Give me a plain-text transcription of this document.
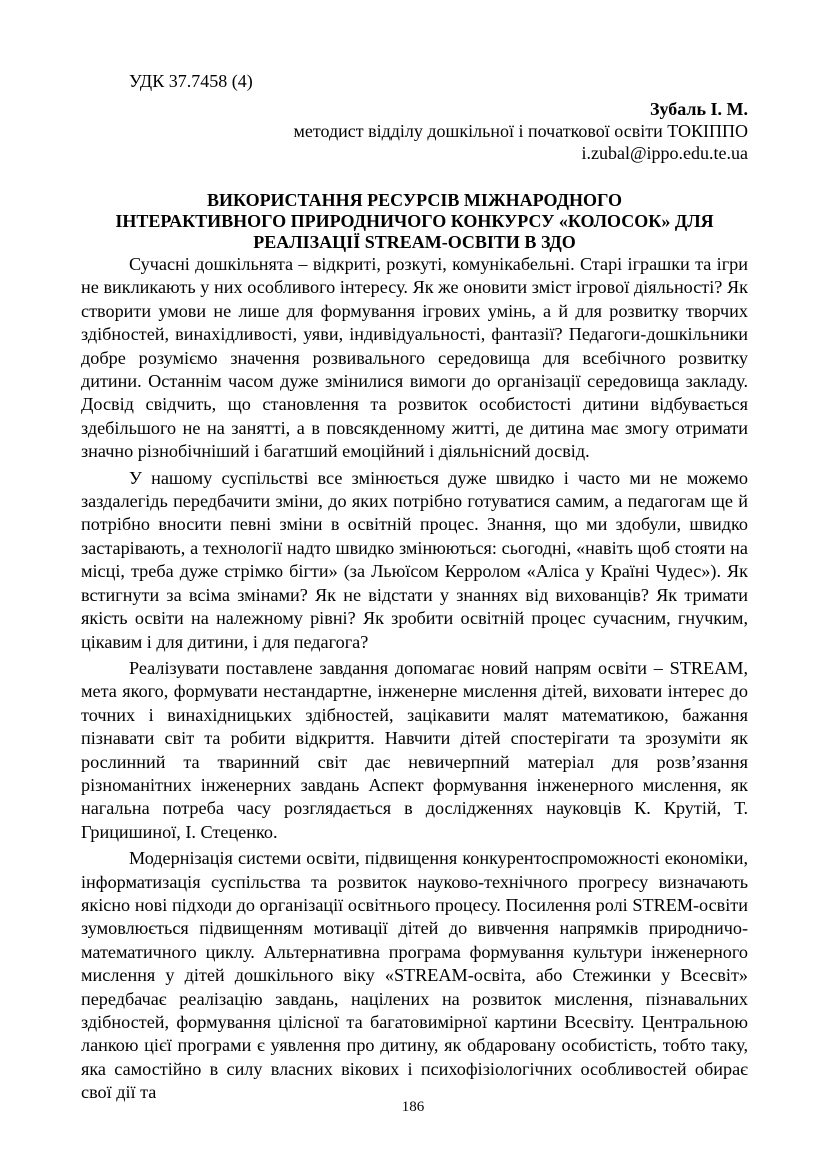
УДК 37.7458 (4)
Зубаль І. М.
методист відділу дошкільної і початкової освіти ТОКІППО
i.zubal@ippo.edu.te.ua
ВИКОРИСТАННЯ РЕСУРСІВ МІЖНАРОДНОГО
ІНТЕРАКТИВНОГО ПРИРОДНИЧОГО КОНКУРСУ «КОЛОСОК» ДЛЯ
РЕАЛІЗАЦІЇ STREAM-ОСВІТИ В ЗДО

Сучасні дошкільнята – відкриті, розкуті, комунікабельні. Старі іграшки та ігри не викликають у них особливого інтересу. Як же оновити зміст ігрової діяльності? Як створити умови не лише для формування ігрових умінь, а й для розвитку творчих здібностей, винахідливості, уяви, індивідуальності, фантазії? Педагоги-дошкільники добре розуміємо значення розвивального середовища для всебічного розвитку дитини. Останнім часом дуже змінилися вимоги до організації середовища закладу. Досвід свідчить, що становлення та розвиток особистості дитини відбувається здебільшого не на занятті, а в повсякденному житті, де дитина має змогу отримати значно різнобічніший і багатший емоційний і діяльнісний досвід.

У нашому суспільстві все змінюється дуже швидко і часто ми не можемо заздалегідь передбачити зміни, до яких потрібно готуватися самим, а педагогам ще й потрібно вносити певні зміни в освітній процес. Знання, що ми здобули, швидко застарівають, а технології надто швидко змінюються: сьогодні, «навіть щоб стояти на місці, треба дуже стрімко бігти» (за Льюїсом Керролом «Аліса у Країні Чудес»). Як встигнути за всіма змінами? Як не відстати у знаннях від вихованців? Як тримати якість освіти на належному рівні? Як зробити освітній процес сучасним, гнучким, цікавим і для дитини, і для педагога?

Реалізувати поставлене завдання допомагає новий напрям освіти – STREAM, мета якого, формувати нестандартне, інженерне мислення дітей, виховати інтерес до точних і винахідницьких здібностей, зацікавити малят математикою, бажання пізнавати світ та робити відкриття. Навчити дітей спостерігати та зрозуміти як рослинний та тваринний світ дає невичерпний матеріал для розв’язання різноманітних інженерних завдань Аспект формування інженерного мислення, як нагальна потреба часу розглядається в дослідженнях науковців К. Крутій, Т. Грицишиної, І. Стеценко.

Модернізація системи освіти, підвищення конкурентоспроможності економіки, інформатизація суспільства та розвиток науково-технічного прогресу визначають якісно нові підходи до організації освітнього процесу. Посилення ролі STREM-освіти зумовлюється підвищенням мотивації дітей до вивчення напрямків природничо-математичного циклу. Альтернативна програма формування культури інженерного мислення у дітей дошкільного віку «STREAM-освіта, або Стежинки у Всесвіт» передбачає реалізацію завдань, націлених на розвиток мислення, пізнавальних здібностей, формування цілісної та багатовимірної картини Всесвіту. Центральною ланкою цієї програми є уявлення про дитину, як обдаровану особистість, тобто таку, яка самостійно в силу власних вікових і психофізіологічних особливостей обирає свої дії та

186
